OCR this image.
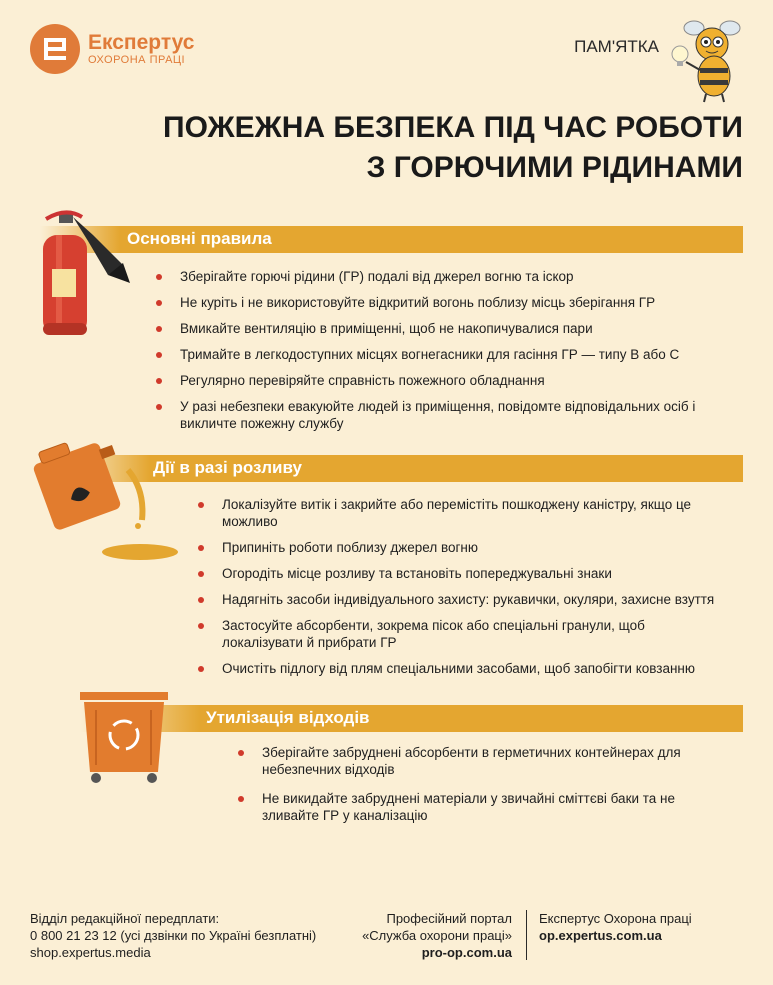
Експертус
ОХОРОНА ПРАЦІ
ПАМ'ЯТКА
ПОЖЕЖНА БЕЗПЕКА ПІД ЧАС РОБОТИ
З ГОРЮЧИМИ РІДИНАМИ
Основні правила
Зберігайте горючі рідини (ГР) подалі від джерел вогню та іскор
Не куріть і не використовуйте відкритий вогонь поблизу місць зберігання ГР
Вмикайте вентиляцію в приміщенні, щоб не накопичувалися пари
Тримайте в легкодоступних місцях вогнегасники для гасіння ГР — типу В або С
Регулярно перевіряйте справність пожежного обладнання
У разі небезпеки евакуюйте людей із приміщення, повідомте відповідальних осіб і викличте пожежну службу
Дії в разі розливу
Локалізуйте витік і закрийте або перемістіть пошкоджену каністру, якщо це можливо
Припиніть роботи поблизу джерел вогню
Огородіть місце розливу та встановіть попереджувальні знаки
Надягніть засоби індивідуального захисту: рукавички, окуляри, захисне взуття
Застосуйте абсорбенти, зокрема пісок або спеціальні гранули, щоб локалізувати й прибрати ГР
Очистіть підлогу від плям спеціальними засобами, щоб запобігти ковзанню
Утилізація відходів
Зберігайте забруднені абсорбенти в герметичних контейнерах для небезпечних відходів
Не викидайте забруднені матеріали у звичайні сміттєві баки та не зливайте ГР у каналізацію
Відділ редакційної передплати:
0 800 21 23 12 (усі дзвінки по Україні безплатні)
shop.expertus.media
Професійний портал
«Служба охорони праці»
pro-op.com.ua
Експертус Охорона праці
op.expertus.com.ua
